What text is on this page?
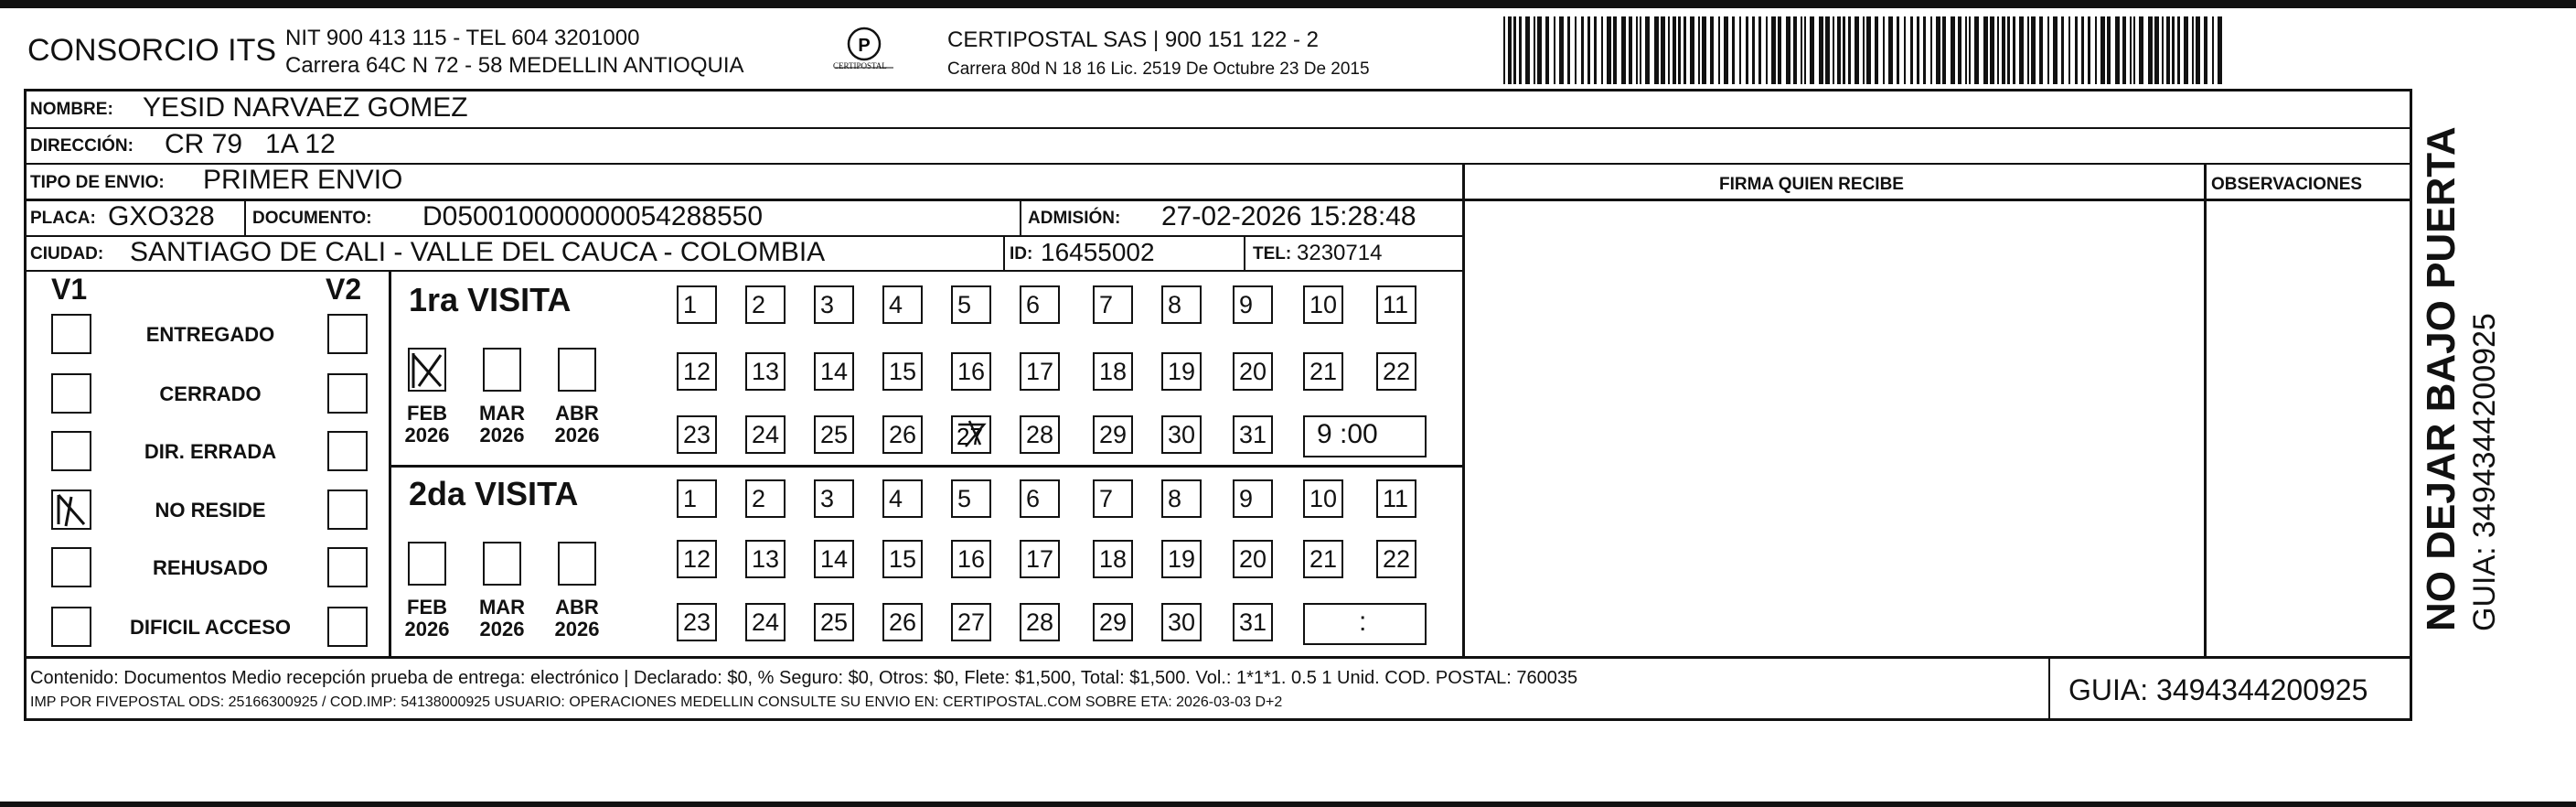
CONSORCIO ITS NIT 900 413 115 - TEL 604 3201000
Carrera 64C N 72 - 58 MEDELLIN ANTIOQUIA
P
CERTIPOSTAL
CERTIPOSTAL SAS | 900 151 122 - 2
Carrera 80d N 18 16 Lic. 2519 De Octubre 23 De 2015
NOMBRE: YESID NARVAEZ GOMEZ
DIRECCIÓN: CR 79   1A 12
TIPO DE ENVIO: PRIMER ENVIO	FIRMA QUIEN RECIBE	OBSERVACIONES
PLACA: GXO328 DOCUMENTO: D050010000000054288550	ADMISIÓN: 27-02-2026 15:28:48
CIUDAD: SANTIAGO DE CALI - VALLE DEL CAUCA - COLOMBIA	ID: 16455002	TEL: 3230714
V1	V2
ENTREGADO
CERRADO
DIR. ERRADA
NO RESIDE
REHUSADO
DIFICIL ACCESO
1ra VISITA
2da VISITA
FEB
2026
MAR
2026
ABR
2026
1	2	3	4	5	6	7	8	9	10 11
12 13 14 15 16 17 18 19 20 21 22
23 24 25 26 27 28 29 30 31 9 :00
FEB
2026
MAR
2026
ABR
2026
1	2	3	4	5	6	7	8	9	10 11
12 13 14 15 16 17 18 19 20 21 22
23 24 25 26 27 28 29 30 31	:
Contenido: Documentos Medio recepción prueba de entrega: electrónico | Declarado: $0, % Seguro: $0, Otros: $0, Flete: $1,500, Total: $1,500. Vol.: 1*1*1. 0.5 1 Unid. COD. POSTAL: 760035
IMP POR FIVEPOSTAL ODS: 25166300925 / COD.IMP: 54138000925 USUARIO: OPERACIONES MEDELLIN CONSULTE SU ENVIO EN: CERTIPOSTAL.COM SOBRE ETA: 2026-03-03 D+2	GUIA: 3494344200925
NO DEJAR BAJO PUERTA GUIA: 3494344200925
